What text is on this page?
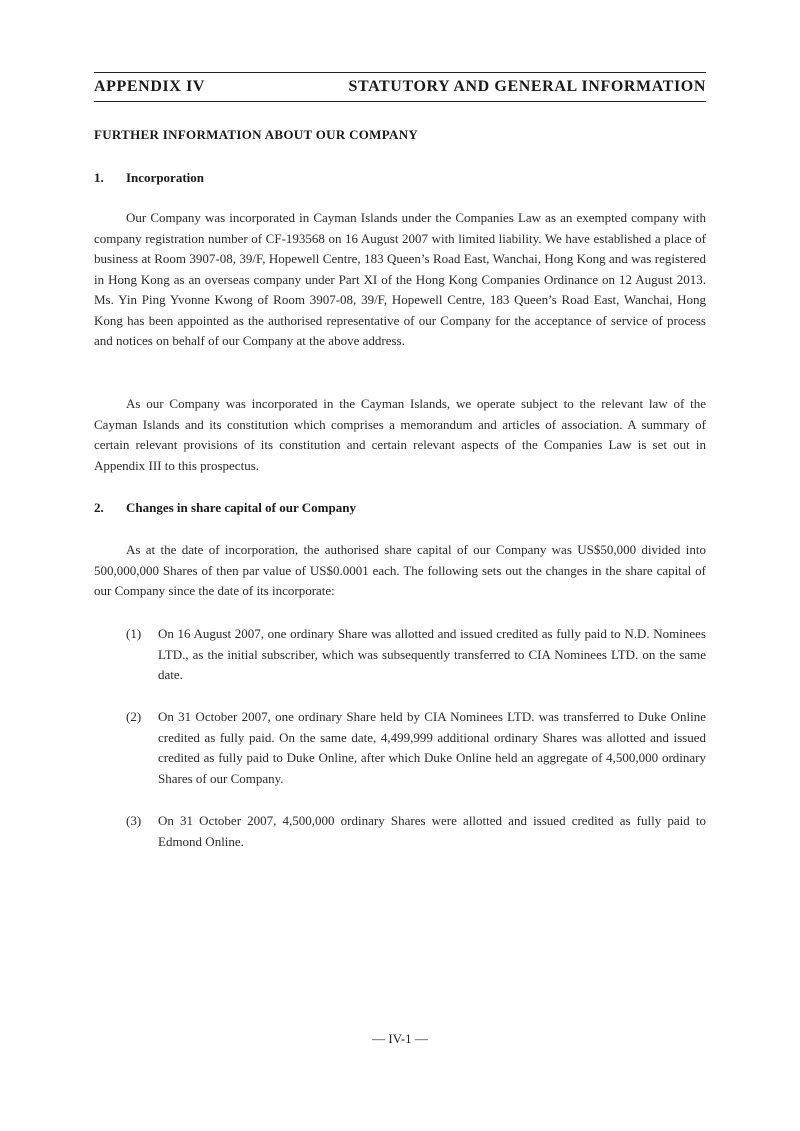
APPENDIX IV	STATUTORY AND GENERAL INFORMATION
FURTHER INFORMATION ABOUT OUR COMPANY
1. Incorporation

Our Company was incorporated in Cayman Islands under the Companies Law as an exempted company with company registration number of CF-193568 on 16 August 2007 with limited liability. We have established a place of business at Room 3907-08, 39/F, Hopewell Centre, 183 Queen’s Road East, Wanchai, Hong Kong and was registered in Hong Kong as an overseas company under Part XI of the Hong Kong Companies Ordinance on 12 August 2013. Ms. Yin Ping Yvonne Kwong of Room 3907-08, 39/F, Hopewell Centre, 183 Queen’s Road East, Wanchai, Hong Kong has been appointed as the authorised representative of our Company for the acceptance of service of process and notices on behalf of our Company at the above address.

As our Company was incorporated in the Cayman Islands, we operate subject to the relevant law of the Cayman Islands and its constitution which comprises a memorandum and articles of association. A summary of certain relevant provisions of its constitution and certain relevant aspects of the Companies Law is set out in Appendix III to this prospectus.

2. Changes in share capital of our Company

As at the date of incorporation, the authorised share capital of our Company was US$50,000 divided into 500,000,000 Shares of then par value of US$0.0001 each. The following sets out the changes in the share capital of our Company since the date of its incorporate:

(1) On 16 August 2007, one ordinary Share was allotted and issued credited as fully paid to N.D. Nominees LTD., as the initial subscriber, which was subsequently transferred to CIA Nominees LTD. on the same date.
(2) On 31 October 2007, one ordinary Share held by CIA Nominees LTD. was transferred to Duke Online credited as fully paid. On the same date, 4,499,999 additional ordinary Shares was allotted and issued credited as fully paid to Duke Online, after which Duke Online held an aggregate of 4,500,000 ordinary Shares of our Company.
(3) On 31 October 2007, 4,500,000 ordinary Shares were allotted and issued credited as fully paid to Edmond Online.
— IV-1 —
